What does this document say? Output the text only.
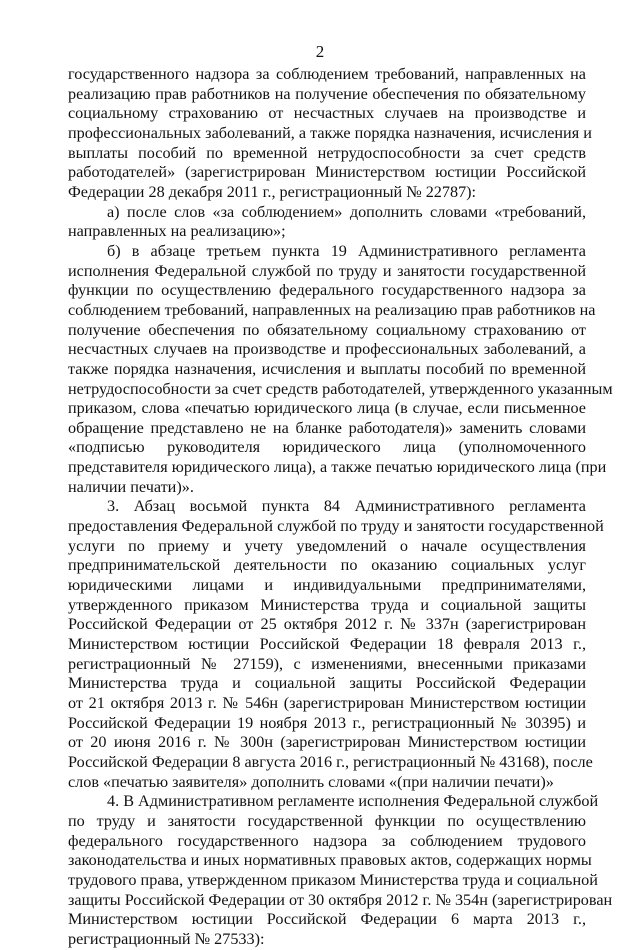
2
государственного надзора за соблюдением требований, направленных на
реализацию прав работников на получение обеспечения по обязательному
социальному страхованию от несчастных случаев на производстве и
профессиональных заболеваний, а также порядка назначения, исчисления и
выплаты пособий по временной нетрудоспособности за счет средств
работодателей» (зарегистрирован Министерством юстиции Российской
Федерации 28 декабря 2011 г., регистрационный № 22787):
а) после слов «за соблюдением» дополнить словами «требований,
направленных на реализацию»;
б) в абзаце третьем пункта 19 Административного регламента
исполнения Федеральной службой по труду и занятости государственной
функции по осуществлению федерального государственного надзора за
соблюдением требований, направленных на реализацию прав работников на
получение обеспечения по обязательному социальному страхованию от
несчастных случаев на производстве и профессиональных заболеваний, а
также порядка назначения, исчисления и выплаты пособий по временной
нетрудоспособности за счет средств работодателей, утвержденного указанным
приказом, слова «печатью юридического лица (в случае, если письменное
обращение представлено не на бланке работодателя)» заменить словами
«подписью руководителя юридического лица (уполномоченного
представителя юридического лица), а также печатью юридического лица (при
наличии печати)».
3. Абзац восьмой пункта 84 Административного регламента
предоставления Федеральной службой по труду и занятости государственной
услуги по приему и учету уведомлений о начале осуществления
предпринимательской деятельности по оказанию социальных услуг
юридическими лицами и индивидуальными предпринимателями,
утвержденного приказом Министерства труда и социальной защиты
Российской Федерации от 25 октября 2012 г. № 337н (зарегистрирован
Министерством юстиции Российской Федерации 18 февраля 2013 г.,
регистрационный № 27159), с изменениями, внесенными приказами
Министерства труда и социальной защиты Российской Федерации
от 21 октября 2013 г. № 546н (зарегистрирован Министерством юстиции
Российской Федерации 19 ноября 2013 г., регистрационный № 30395) и
от 20 июня 2016 г. № 300н (зарегистрирован Министерством юстиции
Российской Федерации 8 августа 2016 г., регистрационный № 43168), после
слов «печатью заявителя» дополнить словами «(при наличии печати)»
4. В Административном регламенте исполнения Федеральной службой
по труду и занятости государственной функции по осуществлению
федерального государственного надзора за соблюдением трудового
законодательства и иных нормативных правовых актов, содержащих нормы
трудового права, утвержденном приказом Министерства труда и социальной
защиты Российской Федерации от 30 октября 2012 г. № 354н (зарегистрирован
Министерством юстиции Российской Федерации 6 марта 2013 г.,
регистрационный № 27533):
